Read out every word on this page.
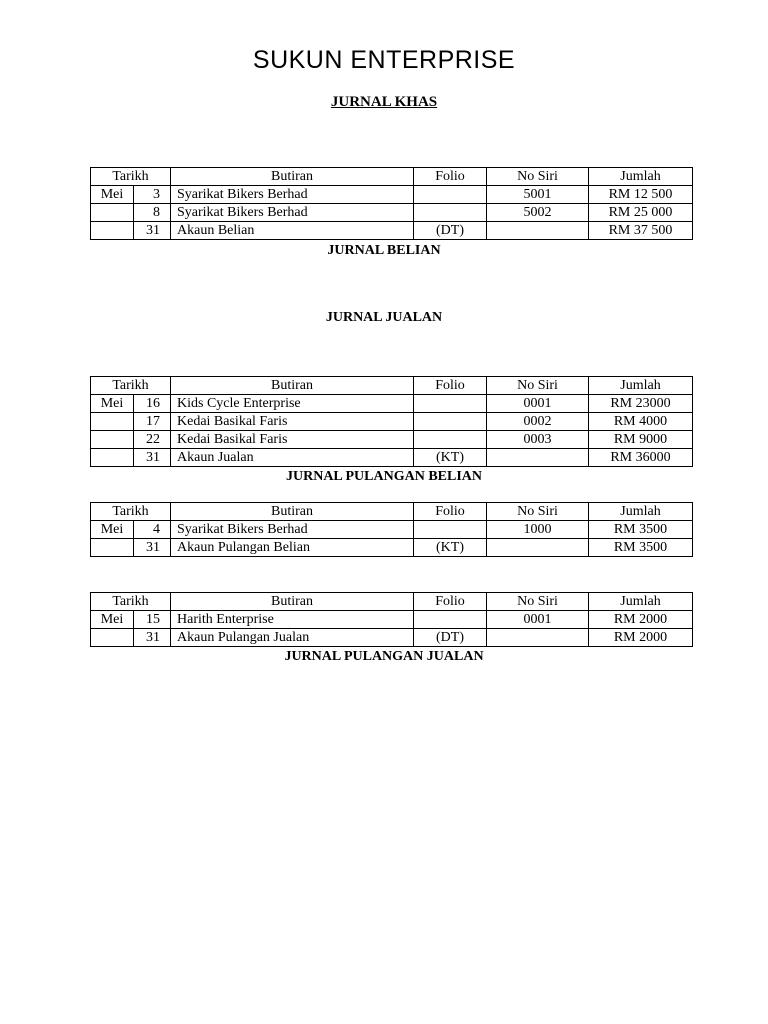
SUKUN ENTERPRISE
JURNAL KHAS
Tarikh		Butiran	Folio	No Siri	Jumlah
Mei	3	Syarikat Bikers Berhad		5001	RM 12 500
	8	Syarikat Bikers Berhad		5002	RM 25 000
	31	Akaun Belian	(DT)		RM 37 500
JURNAL BELIAN
JURNAL JUALAN
Tarikh		Butiran	Folio	No Siri	Jumlah
Mei	16	Kids Cycle Enterprise		0001	RM 23000
	17	Kedai Basikal Faris		0002	RM 4000
	22	Kedai Basikal Faris		0003	RM 9000
	31	Akaun Jualan	(KT)		RM 36000
JURNAL PULANGAN BELIAN
Tarikh		Butiran	Folio	No Siri	Jumlah
Mei	4	Syarikat Bikers Berhad		1000	RM 3500
	31	Akaun Pulangan Belian	(KT)		RM 3500
Tarikh		Butiran	Folio	No Siri	Jumlah
Mei	15	Harith Enterprise		0001	RM 2000
	31	Akaun Pulangan Jualan	(DT)		RM 2000
JURNAL PULANGAN JUALAN
